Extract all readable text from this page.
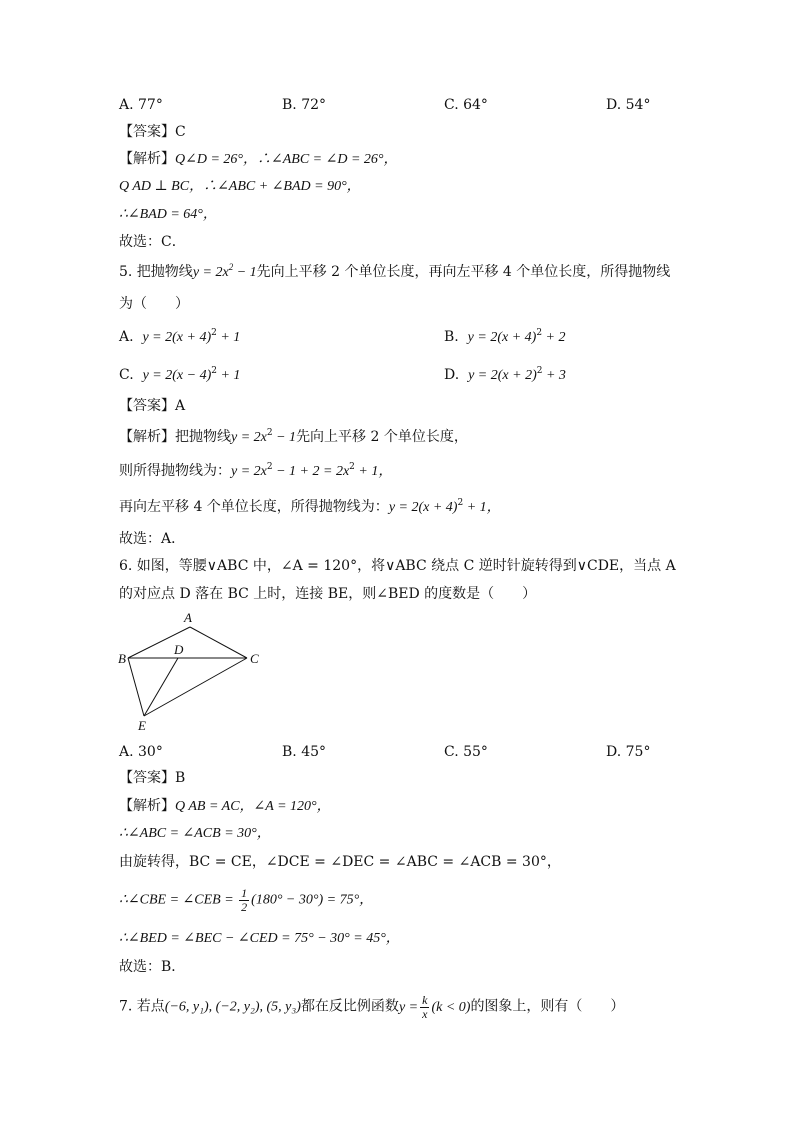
A. 77°	B. 72°	C. 64°	D. 54°
【答案】C
【解析】Q∠D = 26°，∴∠ABC = ∠D = 26°，
Q AD ⊥ BC，∴∠ABC + ∠BAD = 90°，
∴∠BAD = 64°，
故选：C．
5. 把抛物线$y = 2x^2 - 1$先向上平移 2 个单位长度，再向左平移 4 个单位长度，所得抛物线
为（　　）
A. $y = 2(x + 4)^2 + 1$	B. $y = 2(x + 4)^2 + 2$
C. $y = 2(x - 4)^2 + 1$	D. $y = 2(x + 2)^2 + 3$
【答案】A
【解析】把抛物线$y = 2x^2 - 1$先向上平移 2 个单位长度，
则所得抛物线为：$y = 2x^2 - 1 + 2 = 2x^2 + 1$，
再向左平移 4 个单位长度，所得抛物线为：$y = 2(x + 4)^2 + 1$，
故选：A．
6. 如图，等腰∨ABC 中，∠A = 120°，将∨ABC 绕点 C 逆时针旋转得到∨CDE，当点 A
的对应点 D 落在 BC 上时，连接 BE，则∠BED 的度数是（　　）
A
B	C
D
E
A. 30°	B. 45°	C. 55°	D. 75°
【答案】B
【解析】Q AB = AC，∠A = 120°，
∴∠ABC = ∠ACB = 30°，
由旋转得，BC = CE，∠DCE = ∠DEC = ∠ABC = ∠ACB = 30°，
∴∠CBE = ∠CEB = $\frac{1}{2} (180^\circ - 30^\circ) = 75^\circ$，
∴∠BED = ∠BEC − ∠CED = 75° − 30° = 45°，
故选：B．
7. 若点(−6, y₁), (−2, y₂), (5, y₃)都在反比例函数$y = \frac{k}{x} (k < 0)$的图象上，则有（　　）
